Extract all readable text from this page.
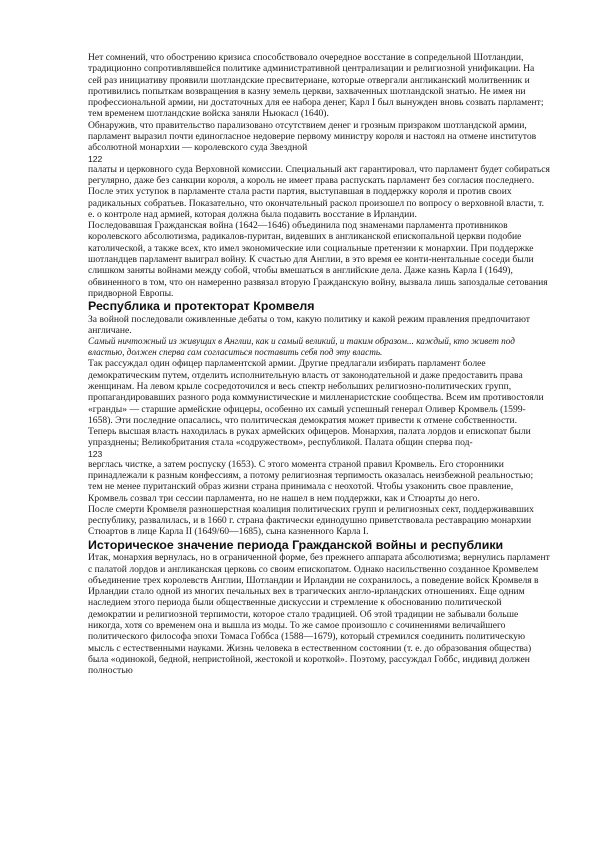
Нет сомнений, что обострению кризиса способствовало очередное восстание в сопредельной Шотландии, традиционно сопротивлявшейся политике административной централизации и религиозной унификации. На сей раз инициативу проявили шотландские пресвитериане, которые отвергали англиканский молитвенник и противились попыткам возвращения в казну земель церкви, захваченных шотландской знатью. Не имея ни профессиональной армии, ни достаточных для ее набора денег, Карл I был вынужден вновь созвать парламент; тем временем шотландские войска заняли Ньюкасл (1640).

Обнаружив, что правительство парализовано отсутствием денег и грозным призраком шотландской армии, парламент выразил почти единогласное недоверие первому министру короля и настоял на отмене институтов абсолютной монархии — королевского суда Звездной

122

палаты и церковного суда Верховной комиссии. Специальный акт гарантировал, что парламент будет собираться регулярно, даже без санкции короля, а король не имеет права распускать парламент без согласия последнего. После этих уступок в парламенте стала расти партия, выступавшая в поддержку короля и против своих радикальных собратьев. Показательно, что окончательный раскол произошел по вопросу о верховной власти, т. е. о контроле над армией, которая должна была подавить восстание в Ирландии.

Последовавшая Гражданская война (1642—1646) объединила под знаменами парламента противников королевского абсолютизма, радикалов-пуритан, видевших в англиканской епископальной церкви подобие католической, а также всех, кто имел экономические или социальные претензии к монархии. При поддержке шотландцев парламент выиграл войну. К счастью для Англии, в это время ее конти-нентальные соседи были слишком заняты войнами между собой, чтобы вмешаться в английские дела. Даже казнь Карла I (1649), обвиненного в том, что он намеренно развязал вторую Гражданскую войну, вызвала лишь запоздалые сетования придворной Европы.

Республика и протекторат Кромвеля

За войной последовали оживленные дебаты о том, какую политику и какой режим правления предпочитают англичане.

Самый ничтожный из живущих в Англии, как и самый великий, и таким образом... каждый, кто живет под властью, должен сперва сам согласиться поставить себя под эту власть.

Так рассуждал один офицер парламентской армии. Другие предлагали избирать парламент более демократическим путем, отделить исполнительную власть от законодательной и даже предоставить права женщинам. На левом крыле сосредоточился и весь спектр небольших религиозно-политических групп, пропагандировавших разного рода коммунистические и милленаристские сообщества. Всем им противостояли «гранды» — старшие армейские офицеры, особенно их самый успешный генерал Оливер Кромвель (1599-1658). Эти последние опасались, что политическая демократия может привести к отмене собственности.

Теперь высшая власть находилась в руках армейских офицеров. Монархия, палата лордов и епископат были упразднены; Великобритания стала «содружеством», республикой. Палата общин сперва под-

123

верглась чистке, а затем роспуску (1653). С этого момента страной правил Кромвель. Его сторонники принадлежали к разным конфессиям, а потому религиозная терпимость оказалась неизбежной реальностью; тем не менее пуританский образ жизни страна принимала с неохотой. Чтобы узаконить свое правление, Кромвель созвал три сессии парламента, но не нашел в нем поддержки, как и Стюарты до него.

После смерти Кромвеля разношерстная коалиция политических групп и религиозных сект, поддерживавших республику, развалилась, и в 1660 г. страна фактически единодушно приветствовала реставрацию монархии Стюартов в лице Карла II (1649/60—1685), сына казненного Карла I.

Историческое значение периода Гражданской войны и республики

Итак, монархия вернулась, но в ограниченной форме, без прежнего аппарата абсолютизма; вернулись парламент с палатой лордов и англиканская церковь со своим епископатом. Однако насильственно созданное Кромвелем объединение трех королевств Англии, Шотландии и Ирландии не сохранилось, а поведение войск Кромвеля в Ирландии стало одной из многих печальных вех в трагических англо-ирландских отношениях. Еще одним наследием этого периода были общественные дискуссии и стремление к обоснованию политической демократии и религиозной терпимости, которое стало традицией. Об этой традиции не забывали больше никогда, хотя со временем она и вышла из моды. То же самое произошло с сочинениями величайшего политического философа эпохи Томаса Гоббса (1588—1679), который стремился соединить политическую мысль с естественными науками. Жизнь человека в естественном состоянии (т. е. до образования общества) была «одинокой, бедной, непристойной, жестокой и короткой». Поэтому, рассуждал Гоббс, индивид должен полностью
